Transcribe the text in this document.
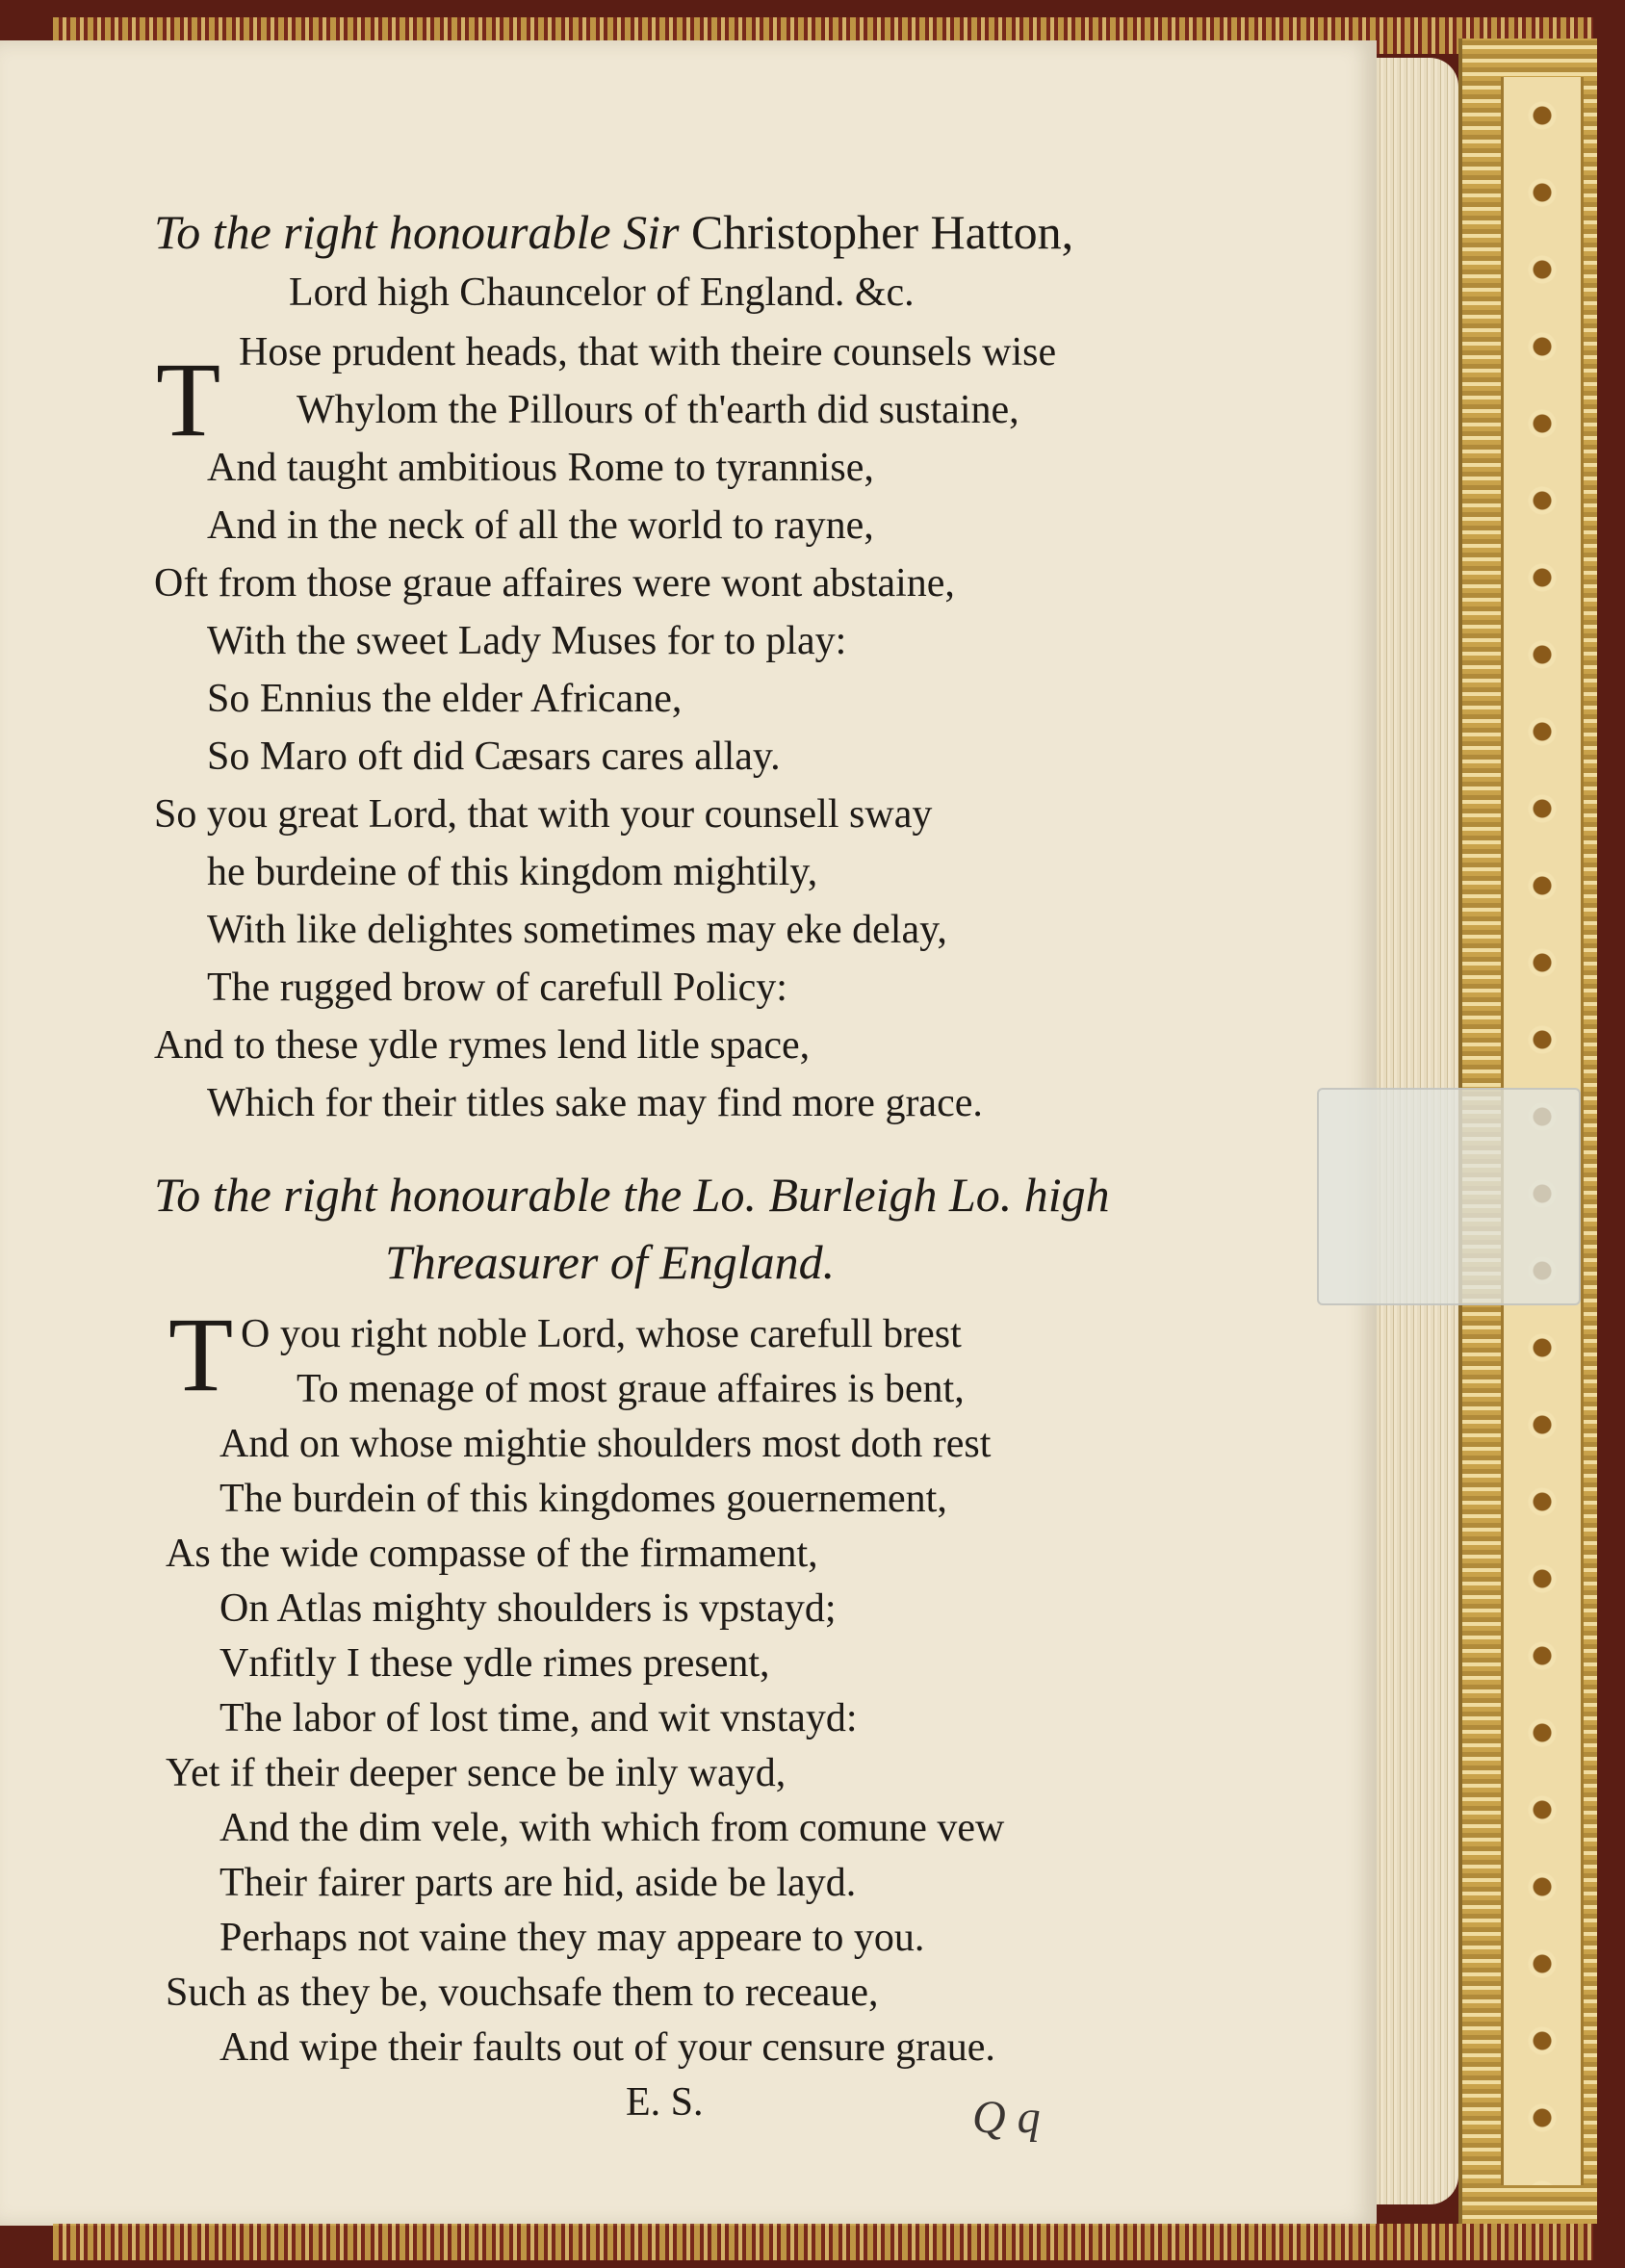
To the right honourable Sir Christopher Hatton,
Lord high Chauncelor of England. &c.
T Hose prudent heads, that with theire counsels wise
Whylom the Pillours of th'earth did sustaine,
And taught ambitious Rome to tyrannise,
And in the neck of all the world to rayne,
Oft from those graue affaires were wont abstaine,
With the sweet Lady Muses for to play:
So Ennius the elder Africane,
So Maro oft did Cæsars cares allay.
So you great Lord, that with your counsell sway
he burdeine of this kingdom mightily,
With like delightes sometimes may eke delay,
The rugged brow of carefull Policy:
And to these ydle rymes lend litle space,
Which for their titles sake may find more grace.
To the right honourable the Lo. Burleigh Lo. high
Threasurer of England.
T O you right noble Lord, whose carefull brest
To menage of most graue affaires is bent,
And on whose mightie shoulders most doth rest
The burdein of this kingdomes gouernement,
As the wide compasse of the firmament,
On Atlas mighty shoulders is vpstayd;
Vnfitly I these ydle rimes present,
The labor of lost time, and wit vnstayd:
Yet if their deeper sence be inly wayd,
And the dim vele, with which from comune vew
Their fairer parts are hid, aside be layd.
Perhaps not vaine they may appeare to you.
Such as they be, vouchsafe them to receaue,
And wipe their faults out of your censure graue.
E. S.	Q q
